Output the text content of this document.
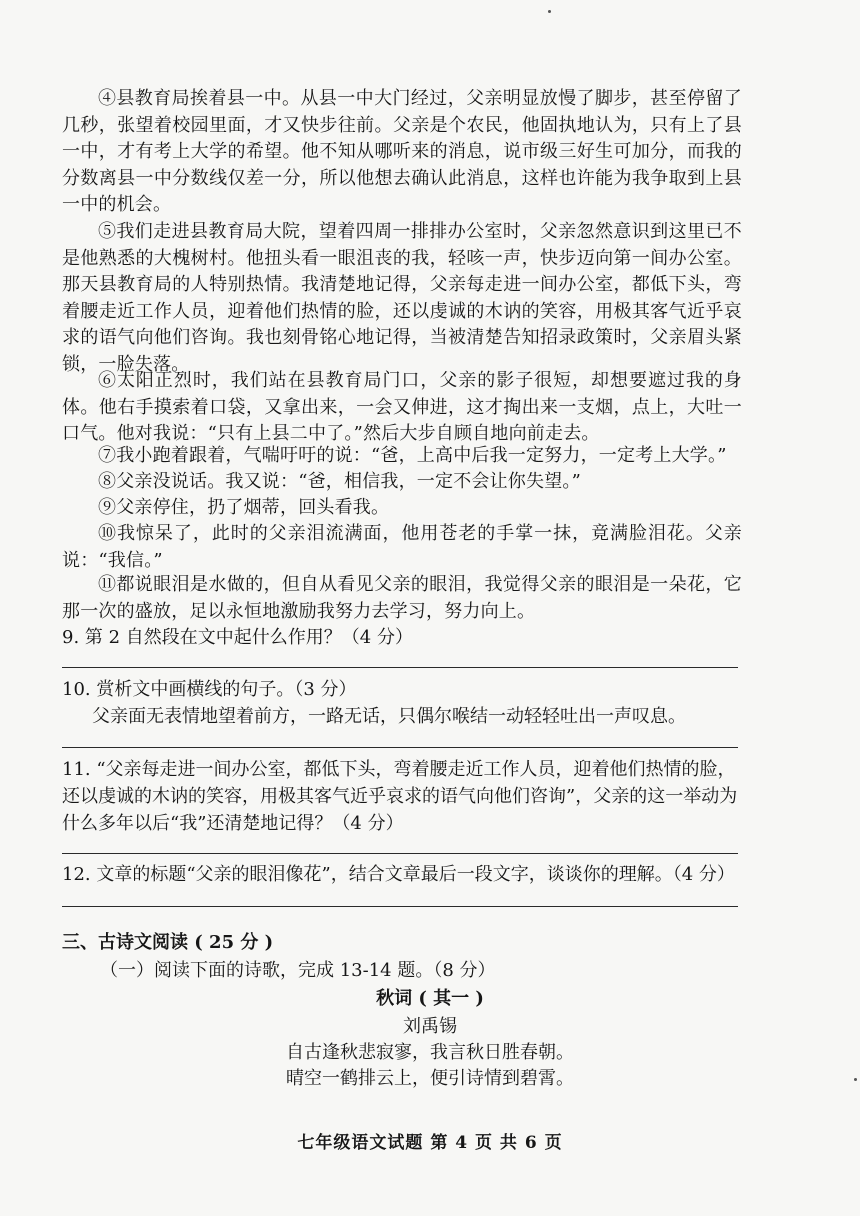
④县教育局挨着县一中。从县一中大门经过，父亲明显放慢了脚步，甚至停留了几秒，张望着校园里面，才又快步往前。父亲是个农民，他固执地认为，只有上了县一中，才有考上大学的希望。他不知从哪听来的消息，说市级三好生可加分，而我的分数离县一中分数线仅差一分，所以他想去确认此消息，这样也许能为我争取到上县一中的机会。

⑤我们走进县教育局大院，望着四周一排排办公室时，父亲忽然意识到这里已不是他熟悉的大槐树村。他扭头看一眼沮丧的我，轻咳一声，快步迈向第一间办公室。那天县教育局的人特别热情。我清楚地记得，父亲每走进一间办公室，都低下头，弯着腰走近工作人员，迎着他们热情的脸，还以虔诚的木讷的笑容，用极其客气近乎哀求的语气向他们咨询。我也刻骨铭心地记得，当被清楚告知招录政策时，父亲眉头紧锁，一脸失落。

⑥太阳正烈时，我们站在县教育局门口，父亲的影子很短，却想要遮过我的身体。他右手摸索着口袋，又拿出来，一会又伸进，这才掏出来一支烟，点上，大吐一口气。他对我说：“只有上县二中了。”然后大步自顾自地向前走去。

⑦我小跑着跟着，气喘吁吁的说：“爸，上高中后我一定努力，一定考上大学。”

⑧父亲没说话。我又说：“爸，相信我，一定不会让你失望。”

⑨父亲停住，扔了烟蒂，回头看我。

⑩我惊呆了，此时的父亲泪流满面，他用苍老的手掌一抹，竟满脸泪花。父亲说：“我信。”

⑪都说眼泪是水做的，但自从看见父亲的眼泪，我觉得父亲的眼泪是一朵花，它那一次的盛放，足以永恒地激励我努力去学习，努力向上。

9. 第 2 自然段在文中起什么作用？（4 分）

10. 赏析文中画横线的句子。（3 分）
父亲面无表情地望着前方，一路无话，只偶尔喉结一动轻轻吐出一声叹息。

11. “父亲每走进一间办公室，都低下头，弯着腰走近工作人员，迎着他们热情的脸，还以虔诚的木讷的笑容，用极其客气近乎哀求的语气向他们咨询”，父亲的这一举动为什么多年以后“我”还清楚地记得？（4 分）

12. 文章的标题“父亲的眼泪像花”，结合文章最后一段文字，谈谈你的理解。（4 分）

三、古诗文阅读 ( 25 分 )

（一）阅读下面的诗歌，完成 13-14 题。（8 分）

秋词 ( 其一 )

刘禹锡

自古逢秋悲寂寥，我言秋日胜春朝。

晴空一鹤排云上，便引诗情到碧霄。

七年级语文试题 第 4 页 共 6 页
